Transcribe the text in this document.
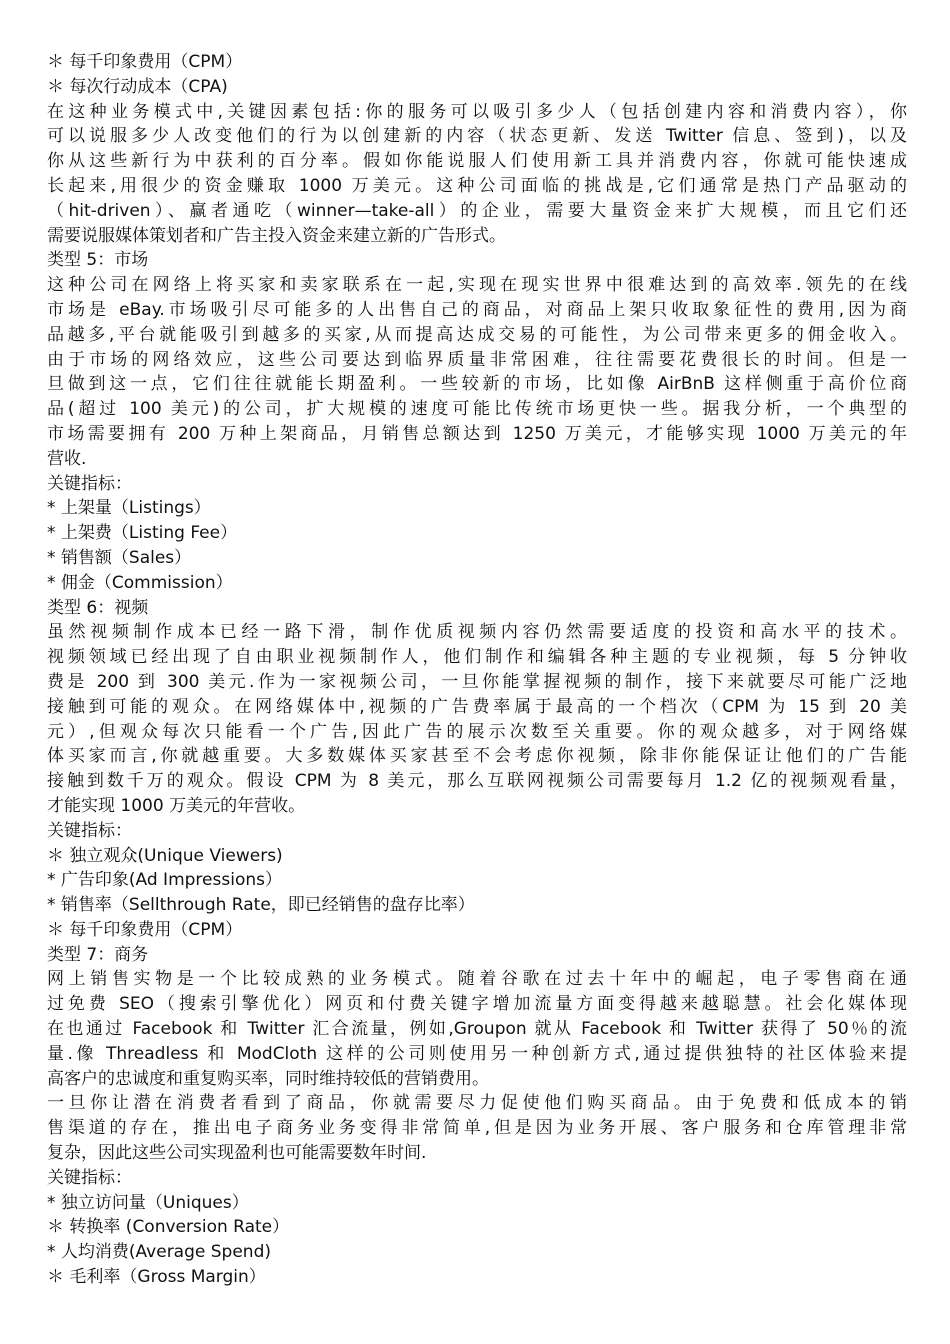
＊ 每千印象费用（CPM）
＊ 每次行动成本（CPA)
在这种业务模式中,关键因素包括:你的服务可以吸引多少人（包括创建内容和消费内容），你
可以说服多少人改变他们的行为以创建新的内容（状态更新、发送 Twitter 信息、签到)，以及
你从这些新行为中获利的百分率。假如你能说服人们使用新工具并消费内容，你就可能快速成
长起来,用很少的资金赚取 1000 万美元。这种公司面临的挑战是,它们通常是热门产品驱动的
（hit-driven）、赢者通吃（winner—take-all）的企业，需要大量资金来扩大规模，而且它们还
需要说服媒体策划者和广告主投入资金来建立新的广告形式。
类型 5：市场
这种公司在网络上将买家和卖家联系在一起,实现在现实世界中很难达到的高效率.领先的在线
市场是 eBay.市场吸引尽可能多的人出售自己的商品，对商品上架只收取象征性的费用,因为商
品越多,平台就能吸引到越多的买家,从而提高达成交易的可能性，为公司带来更多的佣金收入。
由于市场的网络效应，这些公司要达到临界质量非常困难，往往需要花费很长的时间。但是一
旦做到这一点，它们往往就能长期盈利。一些较新的市场，比如像 AirBnB 这样侧重于高价位商
品(超过 100 美元)的公司，扩大规模的速度可能比传统市场更快一些。据我分析，一个典型的
市场需要拥有 200 万种上架商品，月销售总额达到 1250 万美元，才能够实现 1000 万美元的年
营收.
关键指标：
* 上架量（Listings）
* 上架费（Listing Fee）
* 销售额（Sales）
* 佣金（Commission）
类型 6：视频
虽然视频制作成本已经一路下滑，制作优质视频内容仍然需要适度的投资和高水平的技术。
视频领域已经出现了自由职业视频制作人，他们制作和编辑各种主题的专业视频，每 5 分钟收
费是 200 到 300 美元.作为一家视频公司，一旦你能掌握视频的制作，接下来就要尽可能广泛地
接触到可能的观众。在网络媒体中,视频的广告费率属于最高的一个档次（CPM 为 15 到 20 美
元）,但观众每次只能看一个广告,因此广告的展示次数至关重要。你的观众越多，对于网络媒
体买家而言,你就越重要。大多数媒体买家甚至不会考虑你视频，除非你能保证让他们的广告能
接触到数千万的观众。假设 CPM 为 8 美元，那么互联网视频公司需要每月 1.2 亿的视频观看量，
才能实现 1000 万美元的年营收。
关键指标：
＊ 独立观众(Unique Viewers)
* 广告印象(Ad Impressions）
* 销售率（Sellthrough Rate，即已经销售的盘存比率）
＊ 每千印象费用（CPM）
类型 7：商务
网上销售实物是一个比较成熟的业务模式。随着谷歌在过去十年中的崛起，电子零售商在通
过免费 SEO（搜索引擎优化）网页和付费关键字增加流量方面变得越来越聪慧。社会化媒体现
在也通过 Facebook 和 Twitter 汇合流量，例如,Groupon 就从 Facebook 和 Twitter 获得了 50％的流
量.像 Threadless 和 ModCloth 这样的公司则使用另一种创新方式,通过提供独特的社区体验来提
高客户的忠诚度和重复购买率，同时维持较低的营销费用。
一旦你让潜在消费者看到了商品，你就需要尽力促使他们购买商品。由于免费和低成本的销
售渠道的存在，推出电子商务业务变得非常简单,但是因为业务开展、客户服务和仓库管理非常
复杂，因此这些公司实现盈利也可能需要数年时间.
关键指标：
* 独立访问量（Uniques）
＊ 转换率 (Conversion Rate）
* 人均消费(Average Spend)
＊ 毛利率（Gross Margin）
